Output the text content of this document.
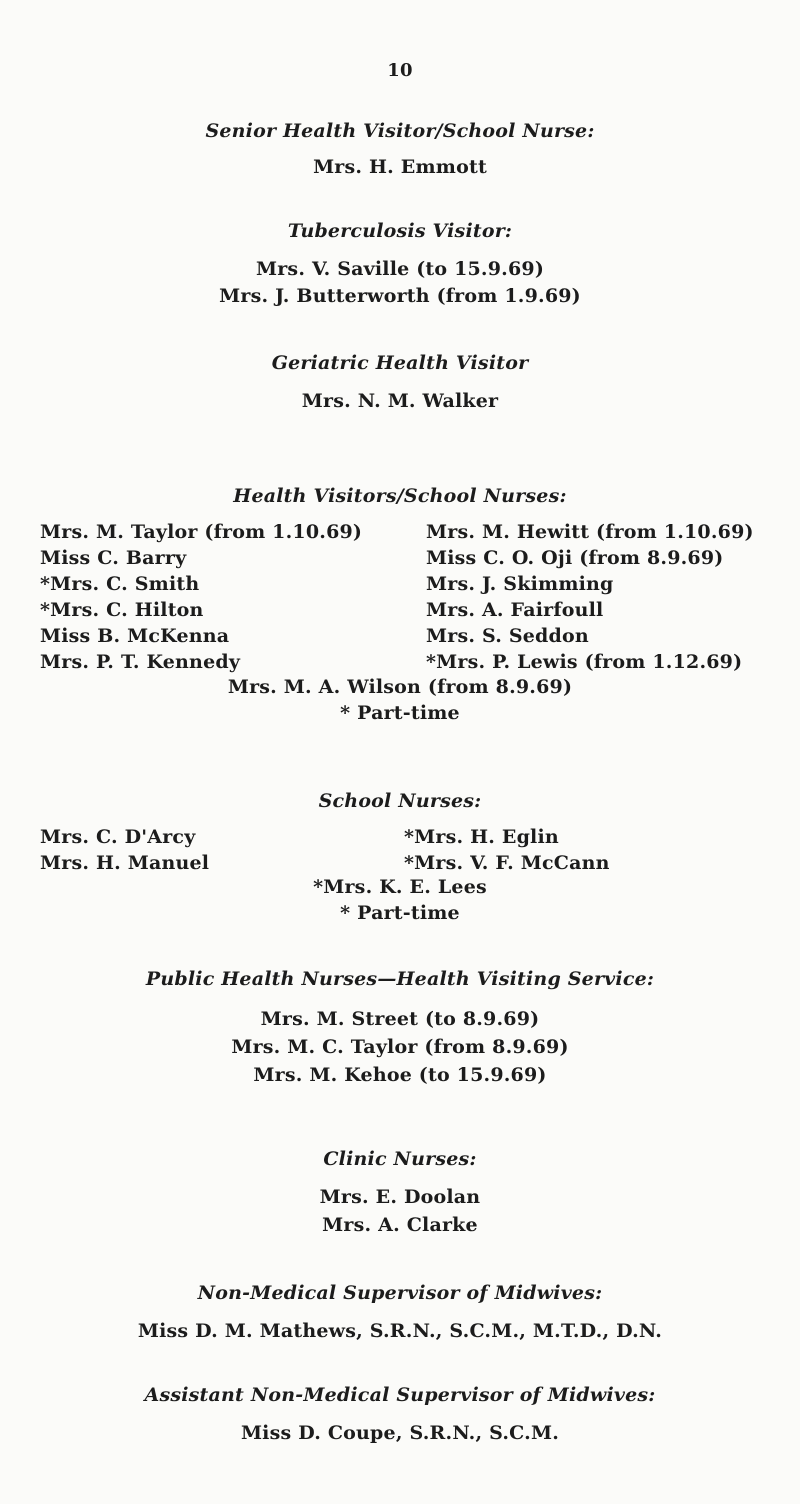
10
Senior Health Visitor/School Nurse:
Mrs. H. Emmott
Tuberculosis Visitor:
Mrs. V. Saville (to 15.9.69)
Mrs. J. Butterworth (from 1.9.69)
Geriatric Health Visitor
Mrs. N. M. Walker
Health Visitors/School Nurses:
Mrs. M. Taylor (from 1.10.69)
Miss C. Barry
*Mrs. C. Smith
*Mrs. C. Hilton
Miss B. McKenna
Mrs. P. T. Kennedy
Mrs. M. Hewitt (from 1.10.69)
Miss C. O. Oji (from 8.9.69)
Mrs. J. Skimming
Mrs. A. Fairfoull
Mrs. S. Seddon
*Mrs. P. Lewis (from 1.12.69)
Mrs. M. A. Wilson (from 8.9.69)
* Part-time
School Nurses:
Mrs. C. D'Arcy
Mrs. H. Manuel
*Mrs. H. Eglin
*Mrs. V. F. McCann
*Mrs. K. E. Lees
* Part-time
Public Health Nurses—Health Visiting Service:
Mrs. M. Street (to 8.9.69)
Mrs. M. C. Taylor (from 8.9.69)
Mrs. M. Kehoe (to 15.9.69)
Clinic Nurses:
Mrs. E. Doolan
Mrs. A. Clarke
Non-Medical Supervisor of Midwives:
Miss D. M. Mathews, S.R.N., S.C.M., M.T.D., D.N.
Assistant Non-Medical Supervisor of Midwives:
Miss D. Coupe, S.R.N., S.C.M.
